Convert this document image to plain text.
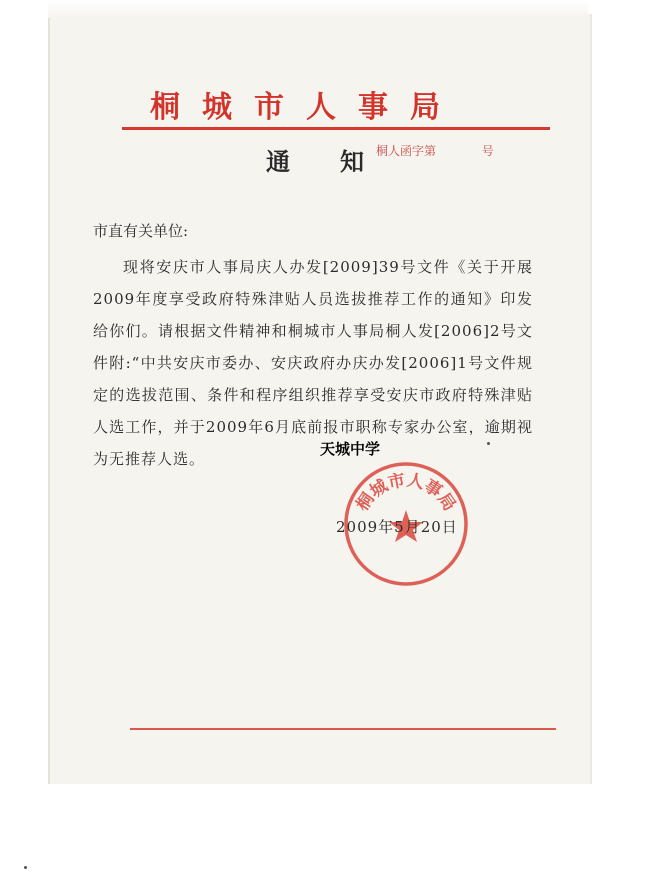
桐城市人事局
通知
桐人函字第            号
市直有关单位:
现将安庆市人事局庆人办发[2009]39号文件《关于开展2009年度享受政府特殊津贴人员选拔推荐工作的通知》印发给你们。请根据文件精神和桐城市人事局桐人发[2006]2号文件附:“中共安庆市委办、安庆政府办庆办发[2006]1号文件规定的选拔范围、条件和程序组织推荐享受安庆市政府特殊津贴人选工作，并于2009年6月底前报市职称专家办公室，逾期视为无推荐人选。
桐城市人事局
天城中学
2009年5月20日
